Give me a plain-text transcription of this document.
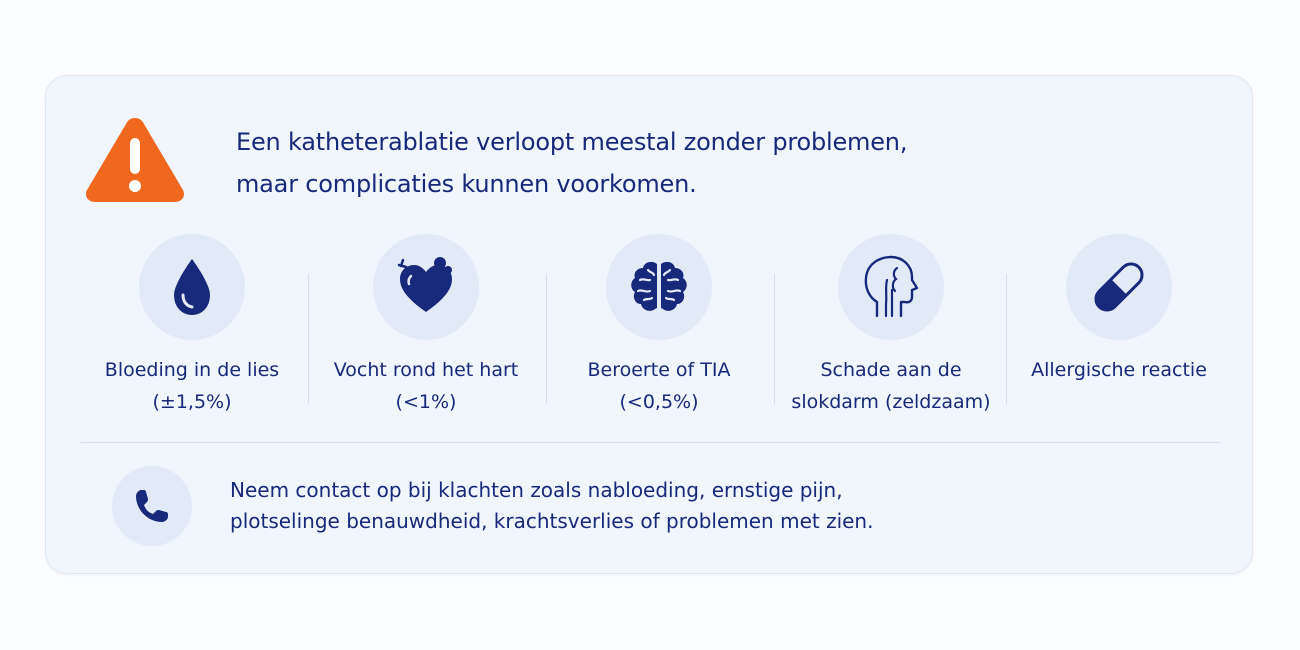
Een katheterablatie verloopt meestal zonder problemen,
maar complicaties kunnen voorkomen.
Bloeding in de lies
(±1,5%)
Vocht rond het hart
(<1%)
Beroerte of TIA
(<0,5%)
Schade aan de
slokdarm (zeldzaam)
Allergische reactie
Neem contact op bij klachten zoals nabloeding, ernstige pijn,
plotselinge benauwdheid, krachtsverlies of problemen met zien.
